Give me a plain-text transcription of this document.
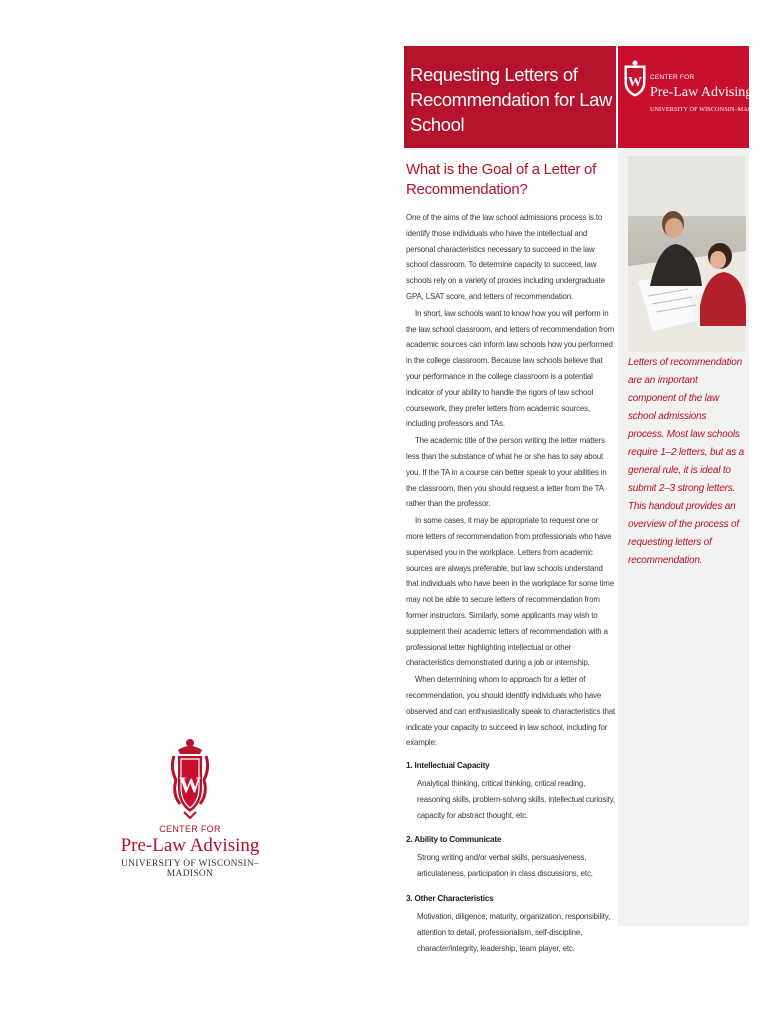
Requesting Letters of
Recommendation for Law School
W CENTER FOR
Pre-Law Advising
UNIVERSITY OF WISCONSIN–MADISON
Letters of recommendation are an important component of the law school admissions process. Most law schools require 1–2 letters, but as a general rule, it is ideal to submit 2–3 strong letters. This handout provides an overview of the process of requesting letters of recommendation.
What is the Goal of a Letter of Recommendation?

One of the aims of the law school admissions process is to identify those individuals who have the intellectual and personal characteristics necessary to succeed in the law school classroom. To determine capacity to succeed, law schools rely on a variety of proxies including undergraduate GPA, LSAT score, and letters of recommendation.

In short, law schools want to know how you will perform in the law school classroom, and letters of recommendation from academic sources can inform law schools how you performed in the college classroom. Because law schools believe that your performance in the college classroom is a potential indicator of your ability to handle the rigors of law school coursework, they prefer letters from academic sources, including professors and TAs.

The academic title of the person writing the letter matters less than the substance of what he or she has to say about you. If the TA in a course can better speak to your abilities in the classroom, then you should request a letter from the TA rather than the professor.

In some cases, it may be appropriate to request one or more letters of recommendation from professionals who have supervised you in the workplace. Letters from academic sources are always preferable, but law schools understand that individuals who have been in the workplace for some time may not be able to secure letters of recommendation from former instructors. Similarly, some applicants may wish to supplement their academic letters of recommendation with a professional letter highlighting intellectual or other characteristics demonstrated during a job or internship.

When determining whom to approach for a letter of recommendation, you should identify individuals who have observed and can enthusiastically speak to characteristics that indicate your capacity to succeed in law school, including for example:

1. Intellectual Capacity
Analytical thinking, critical thinking, critical reading, reasoning skills, problem-solving skills, intellectual curiosity, capacity for abstract thought, etc.
2. Ability to Communicate
Strong writing and/or verbal skills, persuasiveness, articulateness, participation in class discussions, etc.
3. Other Characteristics
Motivation, diligence, maturity, organization, responsibility, attention to detail, professionalism, self-discipline, character/integrity, leadership, team player, etc.
W
CENTER FOR
Pre-Law Advising
UNIVERSITY OF WISCONSIN–MADISON
